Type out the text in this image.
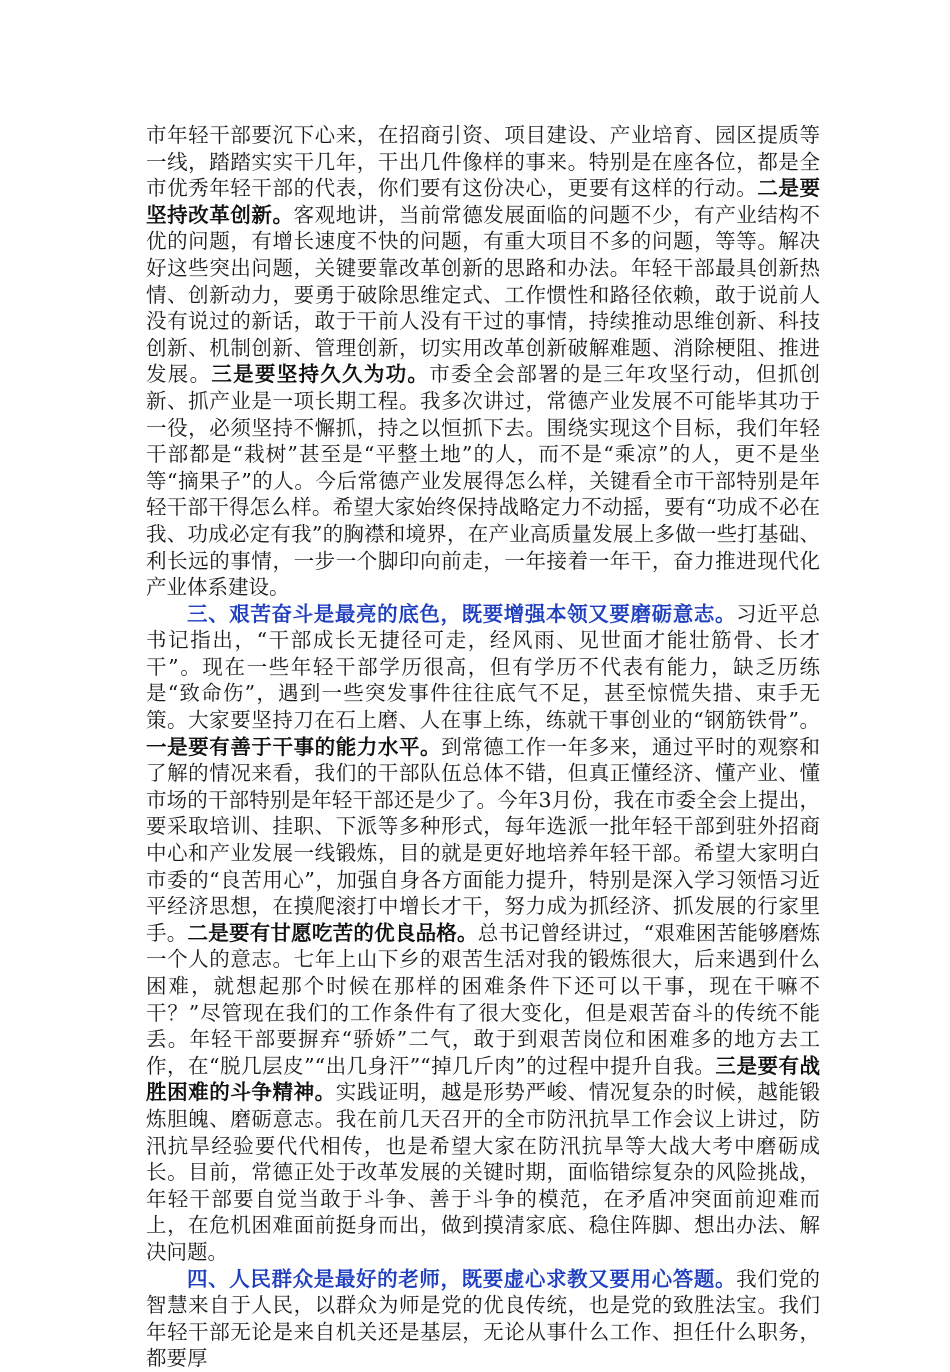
市年轻干部要沉下心来，在招商引资、项目建设、产业培育、园区提质等一线，踏踏实实干几年，干出几件像样的事来。特别是在座各位，都是全市优秀年轻干部的代表，你们要有这份决心，更要有这样的行动。二是要坚持改革创新。客观地讲，当前常德发展面临的问题不少，有产业结构不优的问题，有增长速度不快的问题，有重大项目不多的问题，等等。解决好这些突出问题，关键要靠改革创新的思路和办法。年轻干部最具创新热情、创新动力，要勇于破除思维定式、工作惯性和路径依赖，敢于说前人没有说过的新话，敢于干前人没有干过的事情，持续推动思维创新、科技创新、机制创新、管理创新，切实用改革创新破解难题、消除梗阻、推进发展。三是要坚持久久为功。市委全会部署的是三年攻坚行动，但抓创新、抓产业是一项长期工程。我多次讲过，常德产业发展不可能毕其功于一役，必须坚持不懈抓，持之以恒抓下去。围绕实现这个目标，我们年轻干部都是“栽树”甚至是“平整土地”的人，而不是“乘凉”的人，更不是坐等“摘果子”的人。今后常德产业发展得怎么样，关键看全市干部特别是年轻干部干得怎么样。希望大家始终保持战略定力不动摇，要有“功成不必在我、功成必定有我”的胸襟和境界，在产业高质量发展上多做一些打基础、利长远的事情，一步一个脚印向前走，一年接着一年干，奋力推进现代化产业体系建设。

三、艰苦奋斗是最亮的底色，既要增强本领又要磨砺意志。习近平总书记指出，“干部成长无捷径可走，经风雨、见世面才能壮筋骨、长才干”。现在一些年轻干部学历很高，但有学历不代表有能力，缺乏历练是“致命伤”，遇到一些突发事件往往底气不足，甚至惊慌失措、束手无策。大家要坚持刀在石上磨、人在事上练，练就干事创业的“钢筋铁骨”。一是要有善于干事的能力水平。到常德工作一年多来，通过平时的观察和了解的情况来看，我们的干部队伍总体不错，但真正懂经济、懂产业、懂市场的干部特别是年轻干部还是少了。今年3月份，我在市委全会上提出，要采取培训、挂职、下派等多种形式，每年选派一批年轻干部到驻外招商中心和产业发展一线锻炼，目的就是更好地培养年轻干部。希望大家明白市委的“良苦用心”，加强自身各方面能力提升，特别是深入学习领悟习近平经济思想，在摸爬滚打中增长才干，努力成为抓经济、抓发展的行家里手。二是要有甘愿吃苦的优良品格。总书记曾经讲过，“艰难困苦能够磨炼一个人的意志。七年上山下乡的艰苦生活对我的锻炼很大，后来遇到什么困难，就想起那个时候在那样的困难条件下还可以干事，现在干嘛不干？”尽管现在我们的工作条件有了很大变化，但是艰苦奋斗的传统不能丢。年轻干部要摒弃“骄娇”二气，敢于到艰苦岗位和困难多的地方去工作，在“脱几层皮”“出几身汗”“掉几斤肉”的过程中提升自我。三是要有战胜困难的斗争精神。实践证明，越是形势严峻、情况复杂的时候，越能锻炼胆魄、磨砺意志。我在前几天召开的全市防汛抗旱工作会议上讲过，防汛抗旱经验要代代相传，也是希望大家在防汛抗旱等大战大考中磨砺成长。目前，常德正处于改革发展的关键时期，面临错综复杂的风险挑战，年轻干部要自觉当敢于斗争、善于斗争的模范，在矛盾冲突面前迎难而上，在危机困难面前挺身而出，做到摸清家底、稳住阵脚、想出办法、解决问题。

四、人民群众是最好的老师，既要虚心求教又要用心答题。我们党的智慧来自于人民，以群众为师是党的优良传统，也是党的致胜法宝。我们年轻干部无论是来自机关还是基层，无论从事什么工作、担任什么职务，都要厚
